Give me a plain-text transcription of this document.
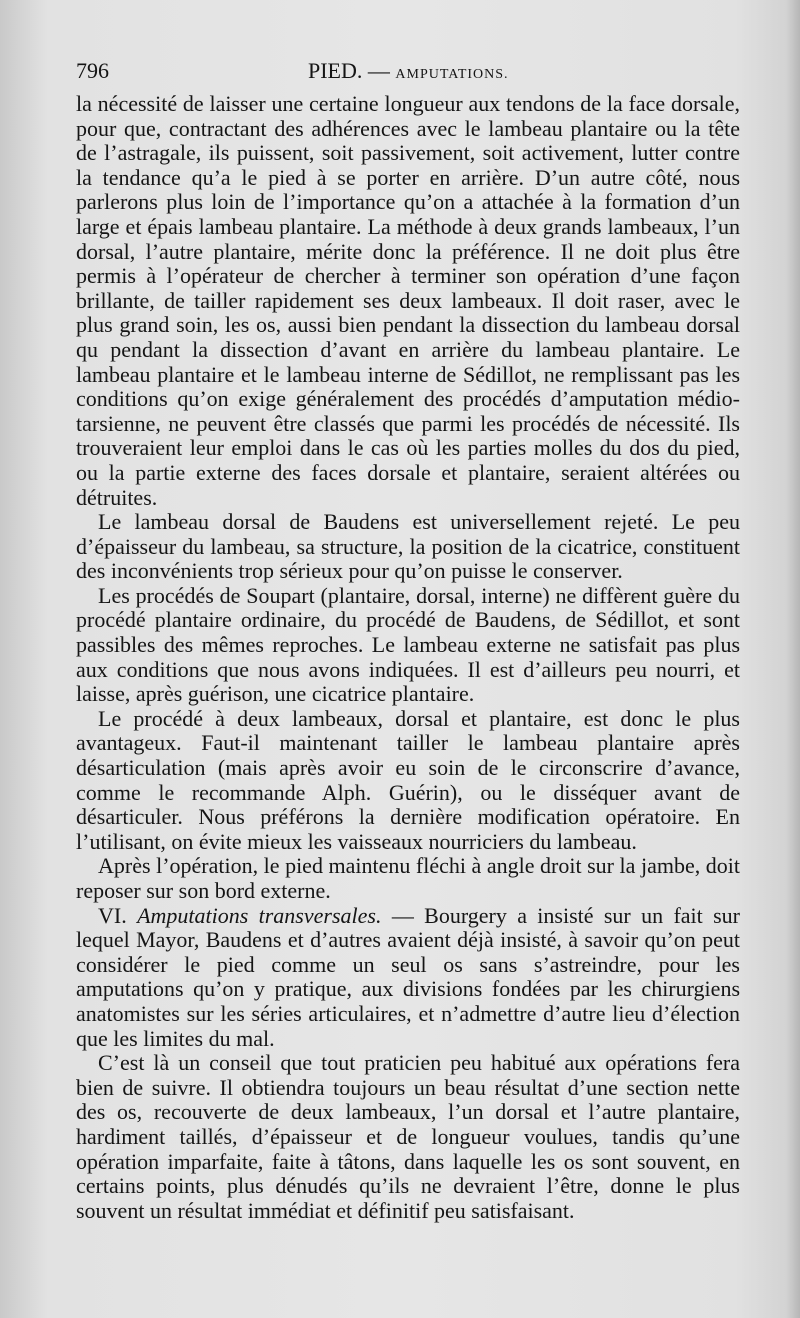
796	PIED. — AMPUTATIONS.

la nécessité de laisser une certaine longueur aux tendons de la face dorsale, pour que, contractant des adhérences avec le lambeau plantaire ou la tête de l’astragale, ils puissent, soit passivement, soit activement, lutter contre la tendance qu’a le pied à se porter en arrière. D’un autre côté, nous parlerons plus loin de l’importance qu’on a attachée à la formation d’un large et épais lambeau plantaire. La méthode à deux grands lambeaux, l’un dorsal, l’autre plantaire, mérite donc la préférence. Il ne doit plus être permis à l’opérateur de chercher à terminer son opération d’une façon brillante, de tailler rapidement ses deux lambeaux. Il doit raser, avec le plus grand soin, les os, aussi bien pendant la dissection du lambeau dorsal qu pendant la dissection d’avant en arrière du lambeau plantaire. Le lambeau plantaire et le lambeau interne de Sédillot, ne remplissant pas les conditions qu’on exige généralement des procédés d’amputation médio-tarsienne, ne peuvent être classés que parmi les procédés de nécessité. Ils trouveraient leur emploi dans le cas où les parties molles du dos du pied, ou la partie externe des faces dorsale et plantaire, seraient altérées ou détruites.

Le lambeau dorsal de Baudens est universellement rejeté. Le peu d’épaisseur du lambeau, sa structure, la position de la cicatrice, constituent des inconvénients trop sérieux pour qu’on puisse le conserver.

Les procédés de Soupart (plantaire, dorsal, interne) ne diffèrent guère du procédé plantaire ordinaire, du procédé de Baudens, de Sédillot, et sont passibles des mêmes reproches. Le lambeau externe ne satisfait pas plus aux conditions que nous avons indiquées. Il est d’ailleurs peu nourri, et laisse, après guérison, une cicatrice plantaire.

Le procédé à deux lambeaux, dorsal et plantaire, est donc le plus avantageux. Faut-il maintenant tailler le lambeau plantaire après désarticulation (mais après avoir eu soin de le circonscrire d’avance, comme le recommande Alph. Guérin), ou le disséquer avant de désarticuler. Nous préférons la dernière modification opératoire. En l’utilisant, on évite mieux les vaisseaux nourriciers du lambeau.

Après l’opération, le pied maintenu fléchi à angle droit sur la jambe, doit reposer sur son bord externe.

VI. Amputations transversales. — Bourgery a insisté sur un fait sur lequel Mayor, Baudens et d’autres avaient déjà insisté, à savoir qu’on peut considérer le pied comme un seul os sans s’astreindre, pour les amputations qu’on y pratique, aux divisions fondées par les chirurgiens anatomistes sur les séries articulaires, et n’admettre d’autre lieu d’élection que les limites du mal.

C’est là un conseil que tout praticien peu habitué aux opérations fera bien de suivre. Il obtiendra toujours un beau résultat d’une section nette des os, recouverte de deux lambeaux, l’un dorsal et l’autre plantaire, hardiment taillés, d’épaisseur et de longueur voulues, tandis qu’une opération imparfaite, faite à tâtons, dans laquelle les os sont souvent, en certains points, plus dénudés qu’ils ne devraient l’être, donne le plus souvent un résultat immédiat et définitif peu satisfaisant.
